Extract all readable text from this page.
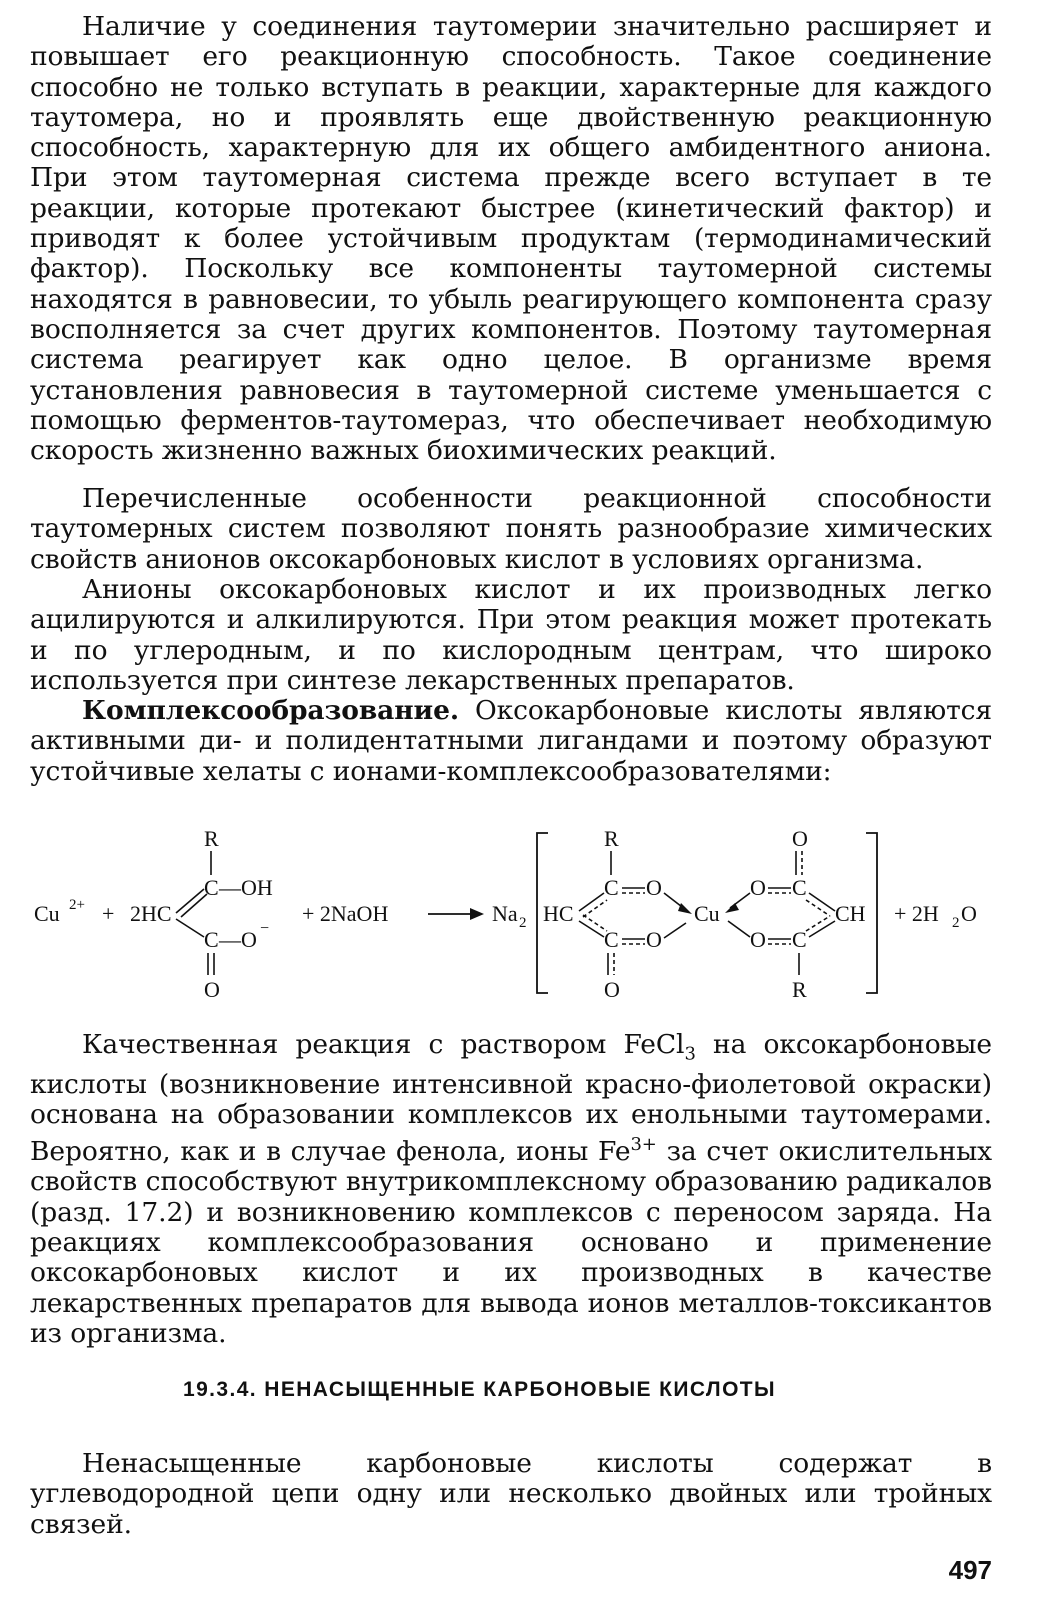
Наличие у соединения таутомерии значительно расширяет и повышает его реакционную способность. Такое соединение способно не только вступать в реакции, характерные для каждого таутомера, но и проявлять еще двойственную реакционную способность, характерную для их общего амбидентного аниона. При этом таутомерная система прежде всего вступает в те реакции, которые протекают быстрее (кинетический фактор) и приводят к более устойчивым продуктам (термодинамический фактор). Поскольку все компоненты таутомерной системы находятся в равновесии, то убыль реагирующего компонента сразу восполняется за счет других компонентов. Поэтому таутомерная система реагирует как одно целое. В организме время установления равновесия в таутомерной системе уменьшается с помощью ферментов-таутомераз, что обеспечивает необходимую скорость жизненно важных биохимических реакций.

Перечисленные особенности реакционной способности таутомерных систем позволяют понять разнообразие химических свойств анионов оксокарбоновых кислот в условиях организма.

Анионы оксокарбоновых кислот и их производных легко ацилируются и алкилируются. При этом реакция может протекать и по углеродным, и по кислородным центрам, что широко используется при синтезе лекарственных препаратов.

Комплексообразование. Оксокарбоновые кислоты являются активными ди- и полидентатными лигандами и поэтому образуют устойчивые хелаты с ионами-комплексообразователями:

Качественная реакция с раствором FeCl$_3$ на оксокарбоновые кислоты (возникновение интенсивной красно-фиолетовой окраски) основана на образовании комплексов их енольными таутомерами. Вероятно, как и в случае фенола, ионы $Fe^{3+}$ за счет окислительных свойств способствуют внутрикомплексному образованию радикалов (разд. 17.2) и возникновению комплексов с переносом заряда. На реакциях комплексообразования основано и применение оксокарбоновых кислот и их производных в качестве лекарственных препаратов для вывода ионов металлов-токсикантов из организма.

Ненасыщенные карбоновые кислоты содержат в углеводородной цепи одну или несколько двойных или тройных связей.

Cu 2+ + 2HC
R
C —OH
C —O −
O
+ 2NaOH	Na 2 HC
R
C O
C O
O
Cu
O C
O
O C
CH
R
+ 2H 2 O
19.3.4. НЕНАСЫЩЕННЫЕ КАРБОНОВЫЕ КИСЛОТЫ
497
